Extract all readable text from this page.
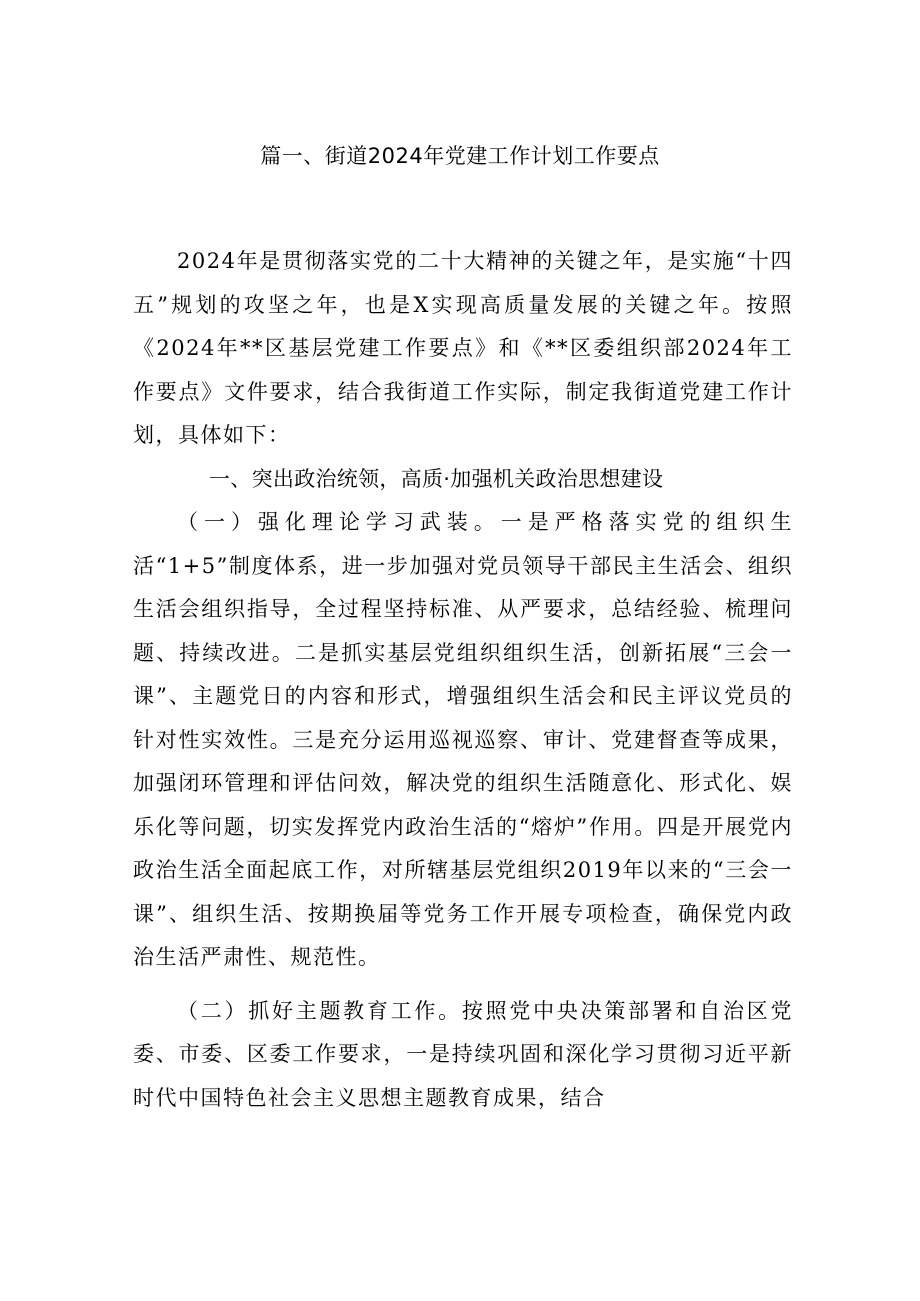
篇一、街道2024年党建工作计划工作要点

2024年是贯彻落实党的二十大精神的关键之年，是实施“十四五”规划的攻坚之年，也是X实现高质量发展的关键之年。按照《2024年**区基层党建工作要点》和《**区委组织部2024年工作要点》文件要求，结合我街道工作实际，制定我街道党建工作计划，具体如下：

一、突出政治统领，高质·加强机关政治思想建设

（一）强化理论学习武装。一是严格落实党的组织生活“1+5”制度体系，进一步加强对党员领导干部民主生活会、组织生活会组织指导，全过程坚持标准、从严要求，总结经验、梳理问题、持续改进。二是抓实基层党组织组织生活，创新拓展“三会一课”、主题党日的内容和形式，增强组织生活会和民主评议党员的针对性实效性。三是充分运用巡视巡察、审计、党建督查等成果，加强闭环管理和评估问效，解决党的组织生活随意化、形式化、娱乐化等问题，切实发挥党内政治生活的“熔炉”作用。四是开展党内政治生活全面起底工作，对所辖基层党组织2019年以来的“三会一课”、组织生活、按期换届等党务工作开展专项检查，确保党内政治生活严肃性、规范性。

（二）抓好主题教育工作。按照党中央决策部署和自治区党委、市委、区委工作要求，一是持续巩固和深化学习贯彻习近平新时代中国特色社会主义思想主题教育成果，结合
